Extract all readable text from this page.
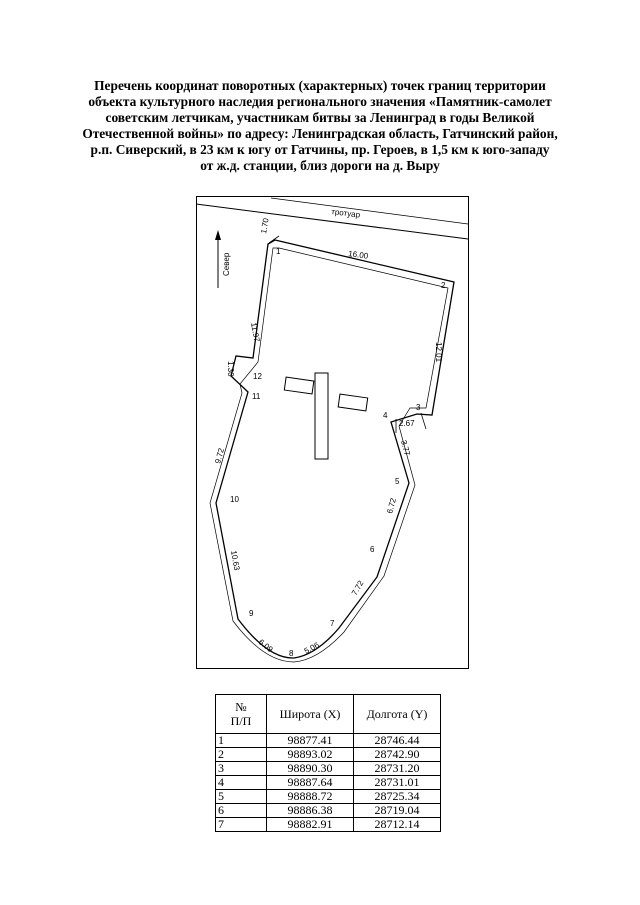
Перечень координат поворотных (характерных) точек границ территории
объекта культурного наследия регионального значения «Памятник-самолет
советским летчикам, участникам битвы за Ленинград в годы Великой
Отечественной войны» по адресу: Ленинградская область, Гатчинский район,
р.п. Сиверский, в 23 км к югу от Гатчины, пр. Героев, в 1,5 км к юго-западу
от ж.д. станции, близ дороги на д. Выру
тротуар
Север
1.70
16.00
12.01
2.67
3.77
6.72
7.72
5.06
6.09
10.63
9.72
1.30
11.97
1
2
3
4
5
6
7
8
9
10
11
12
№
П/П	Широта (X)	Долгота (Y)
1	98877.41	28746.44
2	98893.02	28742.90
3	98890.30	28731.20
4	98887.64	28731.01
5	98888.72	28725.34
6	98886.38	28719.04
7	98882.91	28712.14
